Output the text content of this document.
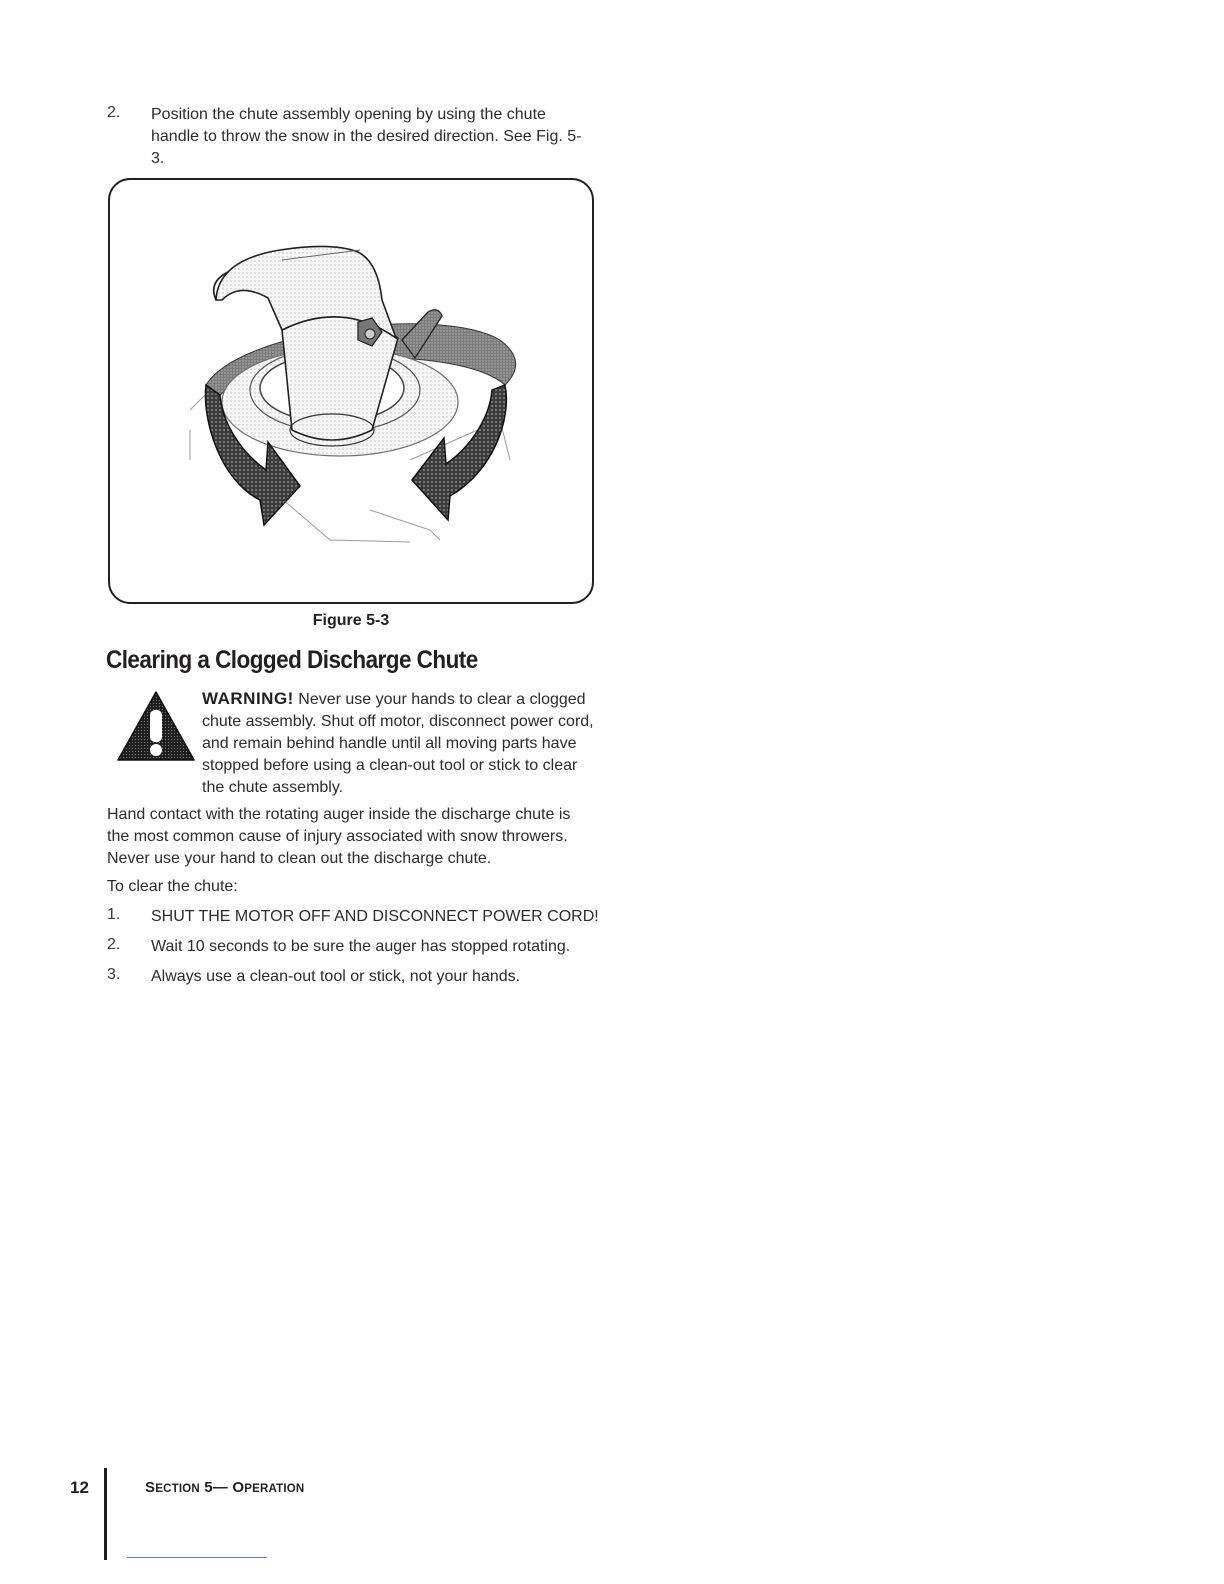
2. Position the chute assembly opening by using the chute handle to throw the snow in the desired direction. See Fig. 5-3.
Figure 5-3
Clearing a Clogged Discharge Chute
WARNING! Never use your hands to clear a clogged chute assembly. Shut off motor, disconnect power cord, and remain behind handle until all moving parts have stopped before using a clean-out tool or stick to clear the chute assembly.
Hand contact with the rotating auger inside the discharge chute is the most common cause of injury associated with snow throwers. Never use your hand to clean out the discharge chute.
To clear the chute:
1. SHUT THE MOTOR OFF AND DISCONNECT POWER CORD!
2. Wait 10 seconds to be sure the auger has stopped rotating.
3. Always use a clean-out tool or stick, not your hands.
12	SECTION 5— OPERATION
